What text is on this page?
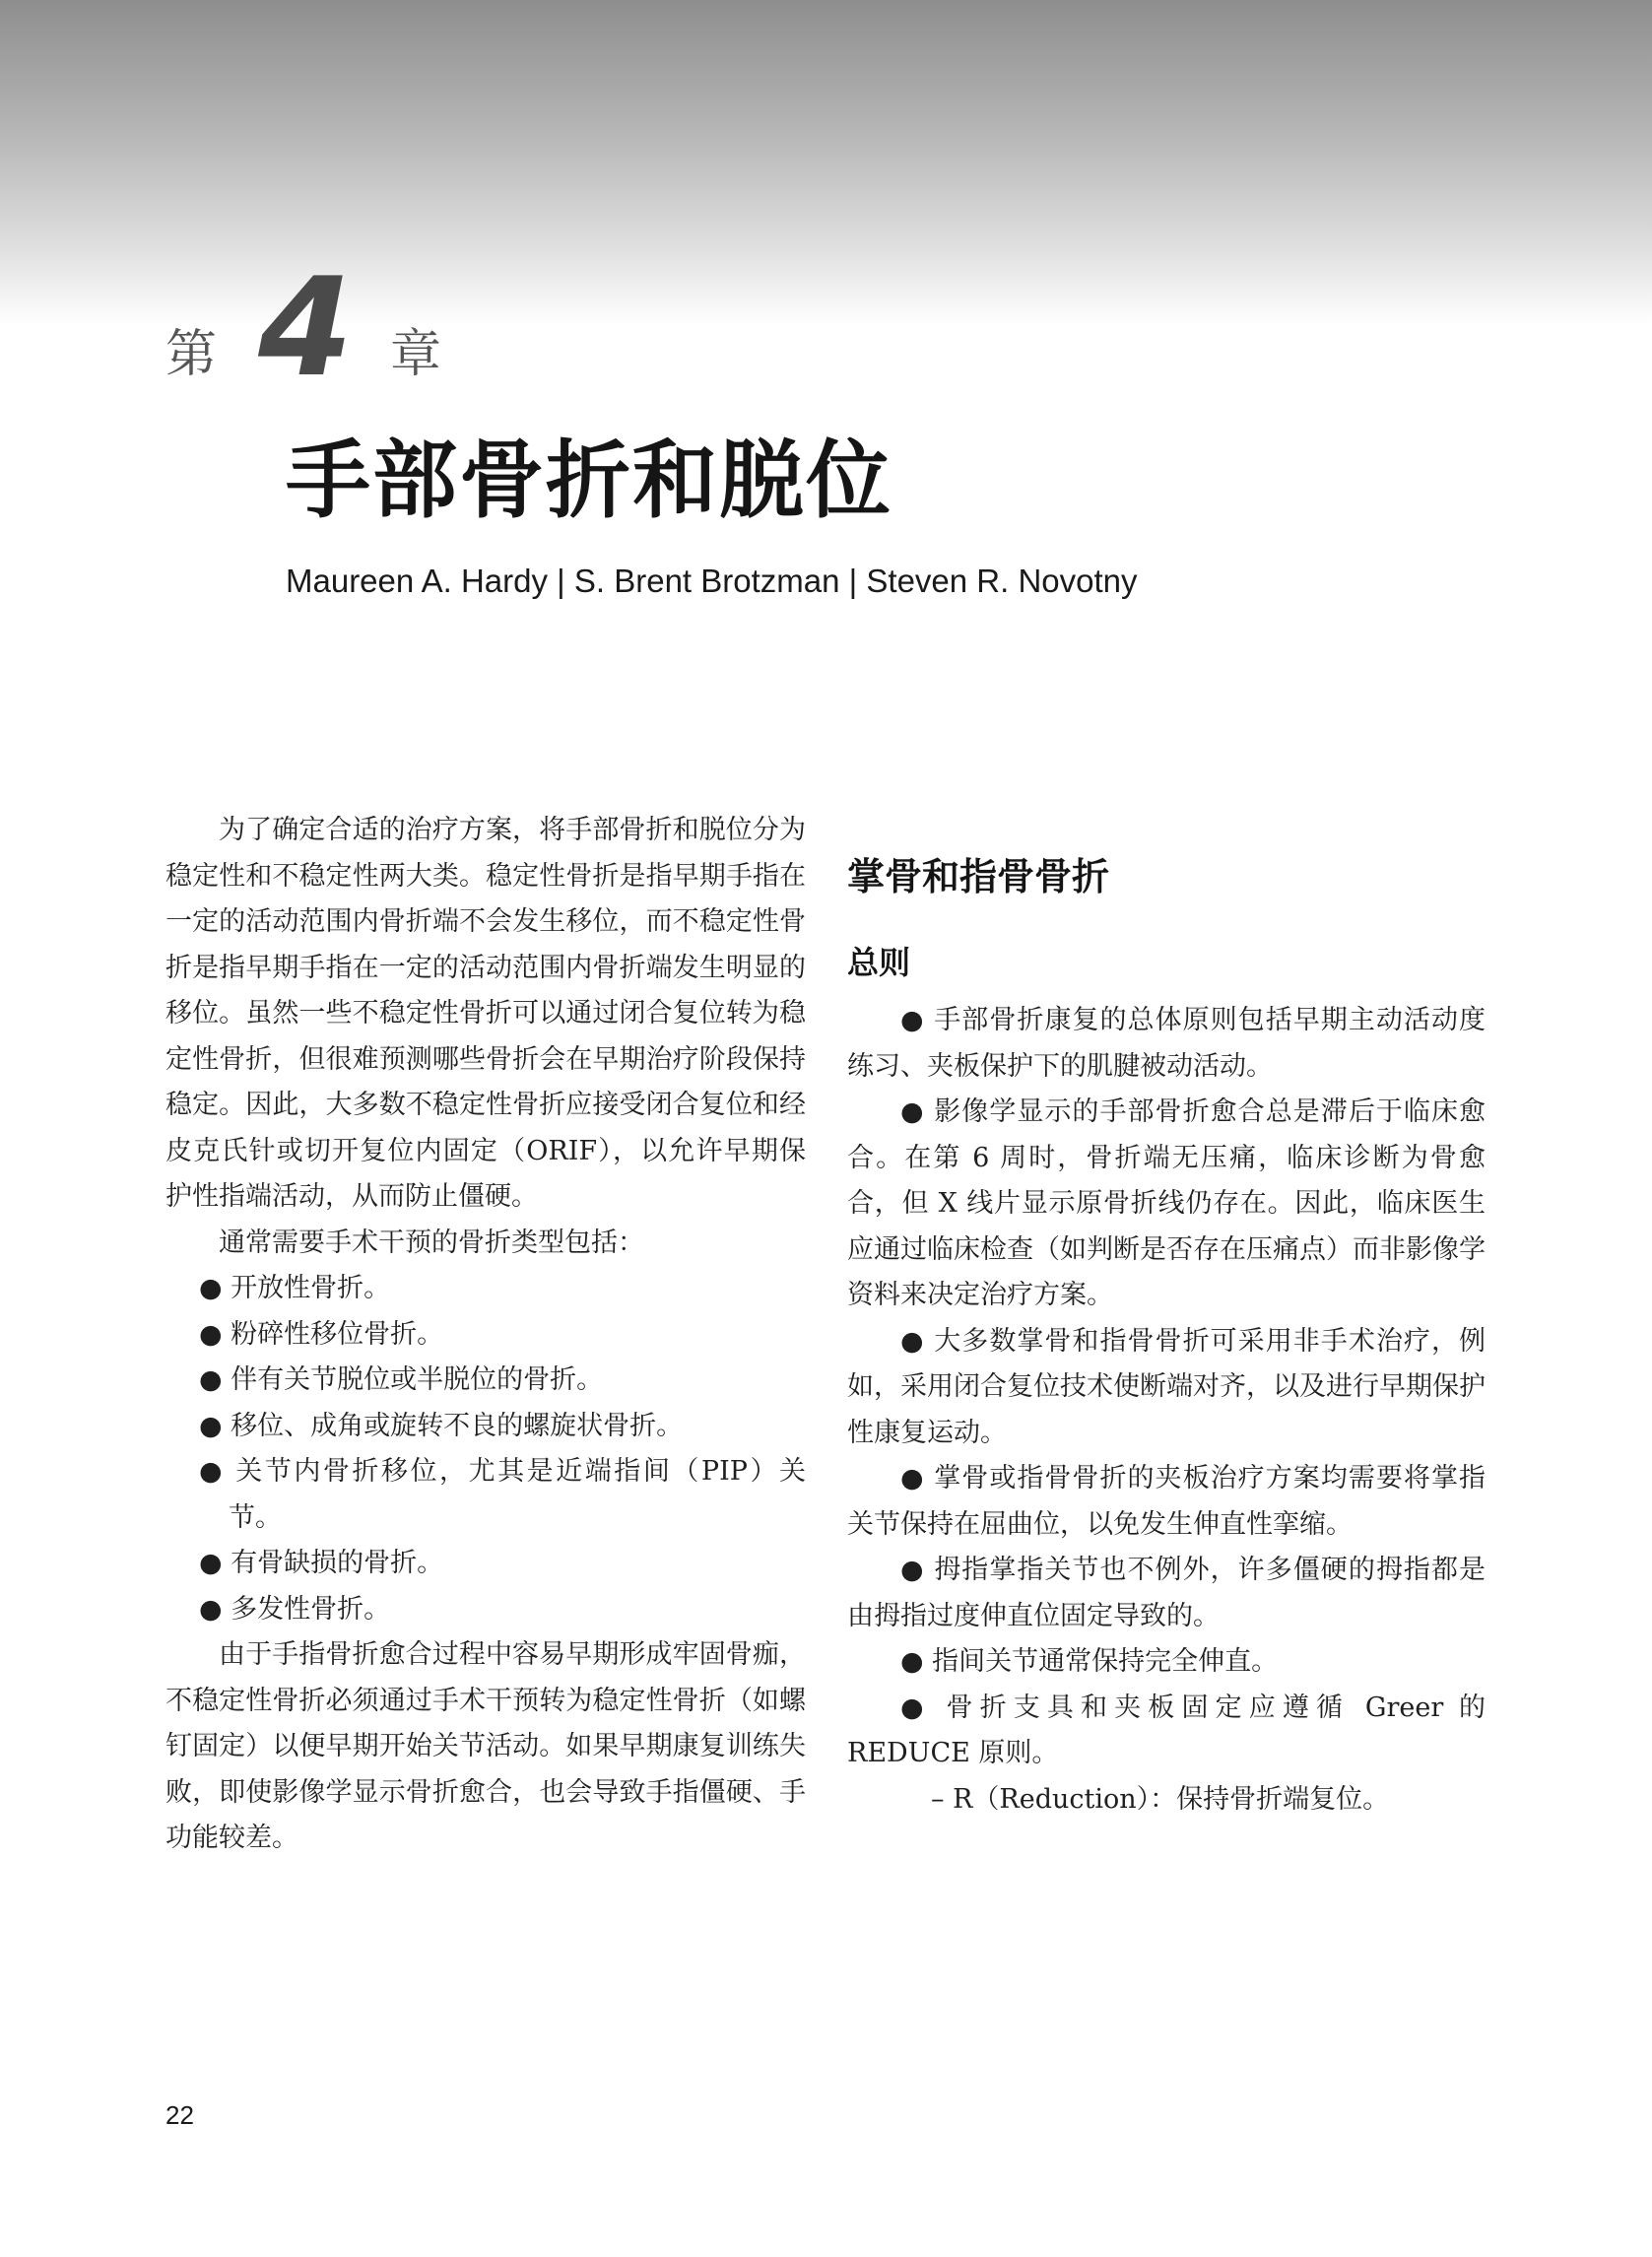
第 4 章
手部骨折和脱位

Maureen A. Hardy | S. Brent Brotzman | Steven R. Novotny

为了确定合适的治疗方案，将手部骨折和脱位分为稳定性和不稳定性两大类。稳定性骨折是指早期手指在一定的活动范围内骨折端不会发生移位，而不稳定性骨折是指早期手指在一定的活动范围内骨折端发生明显的移位。虽然一些不稳定性骨折可以通过闭合复位转为稳定性骨折，但很难预测哪些骨折会在早期治疗阶段保持稳定。因此，大多数不稳定性骨折应接受闭合复位和经皮克氏针或切开复位内固定（ORIF），以允许早期保护性指端活动，从而防止僵硬。

通常需要手术干预的骨折类型包括：

● 开放性骨折。

● 粉碎性移位骨折。

● 伴有关节脱位或半脱位的骨折。

● 移位、成角或旋转不良的螺旋状骨折。

● 关节内骨折移位，尤其是近端指间（PIP）关节。

● 有骨缺损的骨折。

● 多发性骨折。

由于手指骨折愈合过程中容易早期形成牢固骨痂，不稳定性骨折必须通过手术干预转为稳定性骨折（如螺钉固定）以便早期开始关节活动。如果早期康复训练失败，即使影像学显示骨折愈合，也会导致手指僵硬、手功能较差。

掌骨和指骨骨折
总则

● 手部骨折康复的总体原则包括早期主动活动度练习、夹板保护下的肌腱被动活动。

● 影像学显示的手部骨折愈合总是滞后于临床愈合。在第 6 周时，骨折端无压痛，临床诊断为骨愈合，但 X 线片显示原骨折线仍存在。因此，临床医生应通过临床检查（如判断是否存在压痛点）而非影像学资料来决定治疗方案。

● 大多数掌骨和指骨骨折可采用非手术治疗，例如，采用闭合复位技术使断端对齐，以及进行早期保护性康复运动。

● 掌骨或指骨骨折的夹板治疗方案均需要将掌指关节保持在屈曲位，以免发生伸直性挛缩。

● 拇指掌指关节也不例外，许多僵硬的拇指都是由拇指过度伸直位固定导致的。

● 指间关节通常保持完全伸直。

● 骨折支具和夹板固定应遵循 Greer 的 REDUCE 原则。

– R（Reduction）：保持骨折端复位。

22
